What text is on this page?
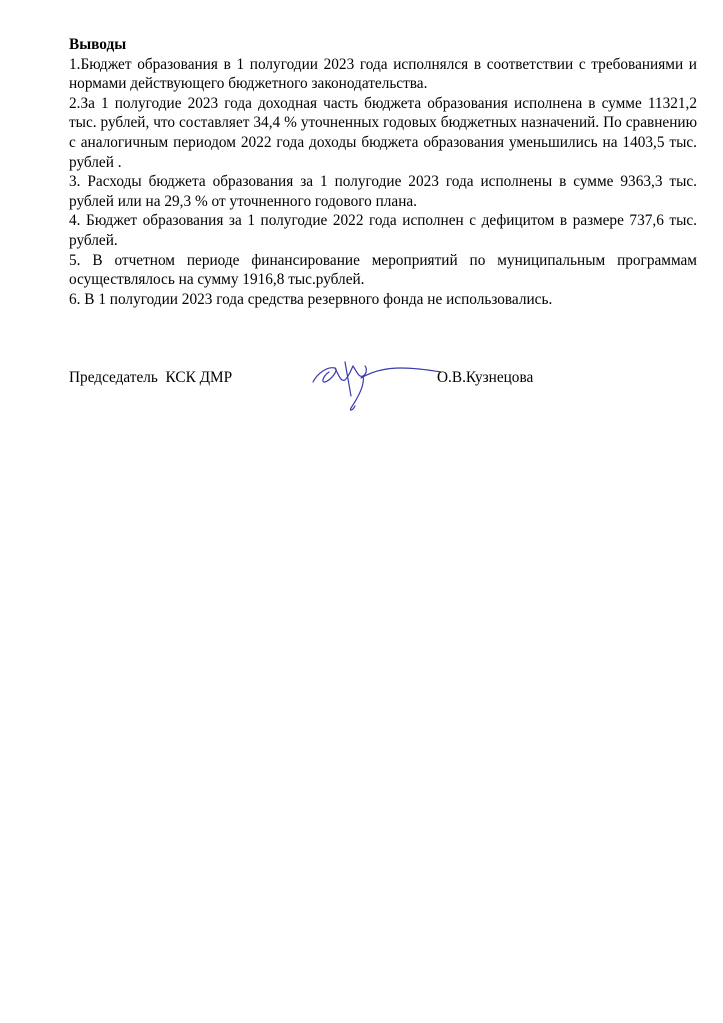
Выводы

1.Бюджет образования в 1 полугодии 2023 года исполнялся в соответствии с требованиями и нормами действующего бюджетного законодательства.

2.За 1 полугодие 2023 года доходная часть бюджета образования исполнена в сумме 11321,2 тыс. рублей, что составляет 34,4 % уточненных годовых бюджетных назначений. По сравнению с аналогичным периодом 2022 года доходы бюджета образования уменьшились на 1403,5 тыс. рублей .

3. Расходы бюджета образования за 1 полугодие 2023 года исполнены в сумме 9363,3 тыс. рублей или на 29,3 % от уточненного годового плана.

4. Бюджет образования за 1 полугодие 2022 года исполнен с дефицитом в размере 737,6 тыс. рублей.

5. В отчетном периоде финансирование мероприятий по муниципальным программам осуществлялось на сумму 1916,8 тыс.рублей.

6. В 1 полугодии 2023 года средства резервного фонда не использовались.

Председатель  КСК ДМР	О.В.Кузнецова
